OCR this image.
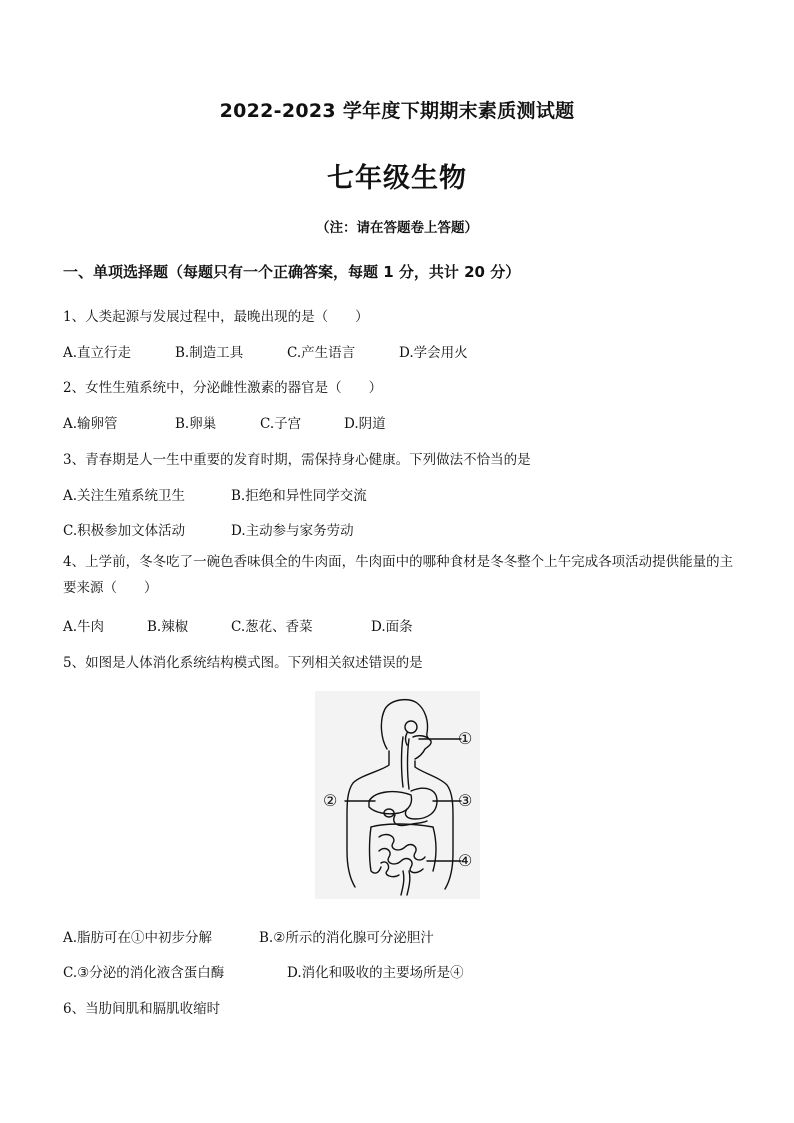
2022-2023 学年度下期期末素质测试题
七年级生物
（注：请在答题卷上答题）
一、单项选择题（每题只有一个正确答案，每题 1 分，共计 20 分）
1、人类起源与发展过程中，最晚出现的是（　　）
A.直立行走	B.制造工具	C.产生语言	D.学会用火
2、女性生殖系统中，分泌雌性激素的器官是（　　）
A.输卵管	B.卵巢	C.子宫	D.阴道
3、青春期是人一生中重要的发育时期，需保持身心健康。下列做法不恰当的是
A.关注生殖系统卫生	B.拒绝和异性同学交流
C.积极参加文体活动	D.主动参与家务劳动
4、上学前，冬冬吃了一碗色香味俱全的牛肉面，牛肉面中的哪种食材是冬冬整个上午完成各项活动提供能量的主要来源（　　）
A.牛肉	B.辣椒	C.葱花、香菜	D.面条
5、如图是人体消化系统结构模式图。下列相关叙述错误的是
①
②	③
④
A.脂肪可在①中初步分解	B.②所示的消化腺可分泌胆汁
C.③分泌的消化液含蛋白酶	D.消化和吸收的主要场所是④
6、当肋间肌和膈肌收缩时
